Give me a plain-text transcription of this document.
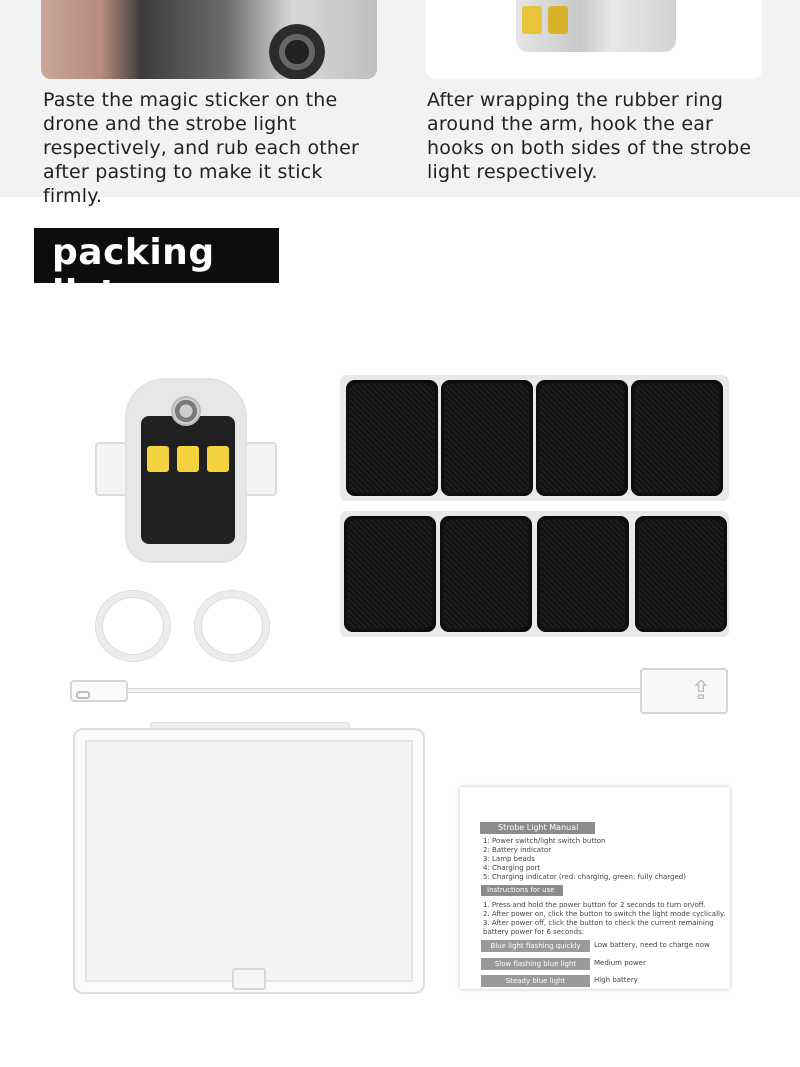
Paste the magic sticker on the drone and the strobe light respectively, and rub each other after pasting to make it stick firmly.

After wrapping the rubber ring around the arm, hook the ear hooks on both sides of the strobe light respectively.

packing list
⇪
Strobe Light Manual
1: Power switch/light switch button
2: Battery indicator
3: Lamp beads
4: Charging port
5: Charging indicator (red: charging, green: fully charged)
Instructions for use
1. Press and hold the power button for 2 seconds to turn on/off.
2. After power on, click the button to switch the light mode cyclically.
3. After power off, click the button to check the current remaining
battery power for 6 seconds:
Blue light flashing quickly	Low battery, need to charge now
Slow flashing blue light	Medium power
Steady blue light	High battery
